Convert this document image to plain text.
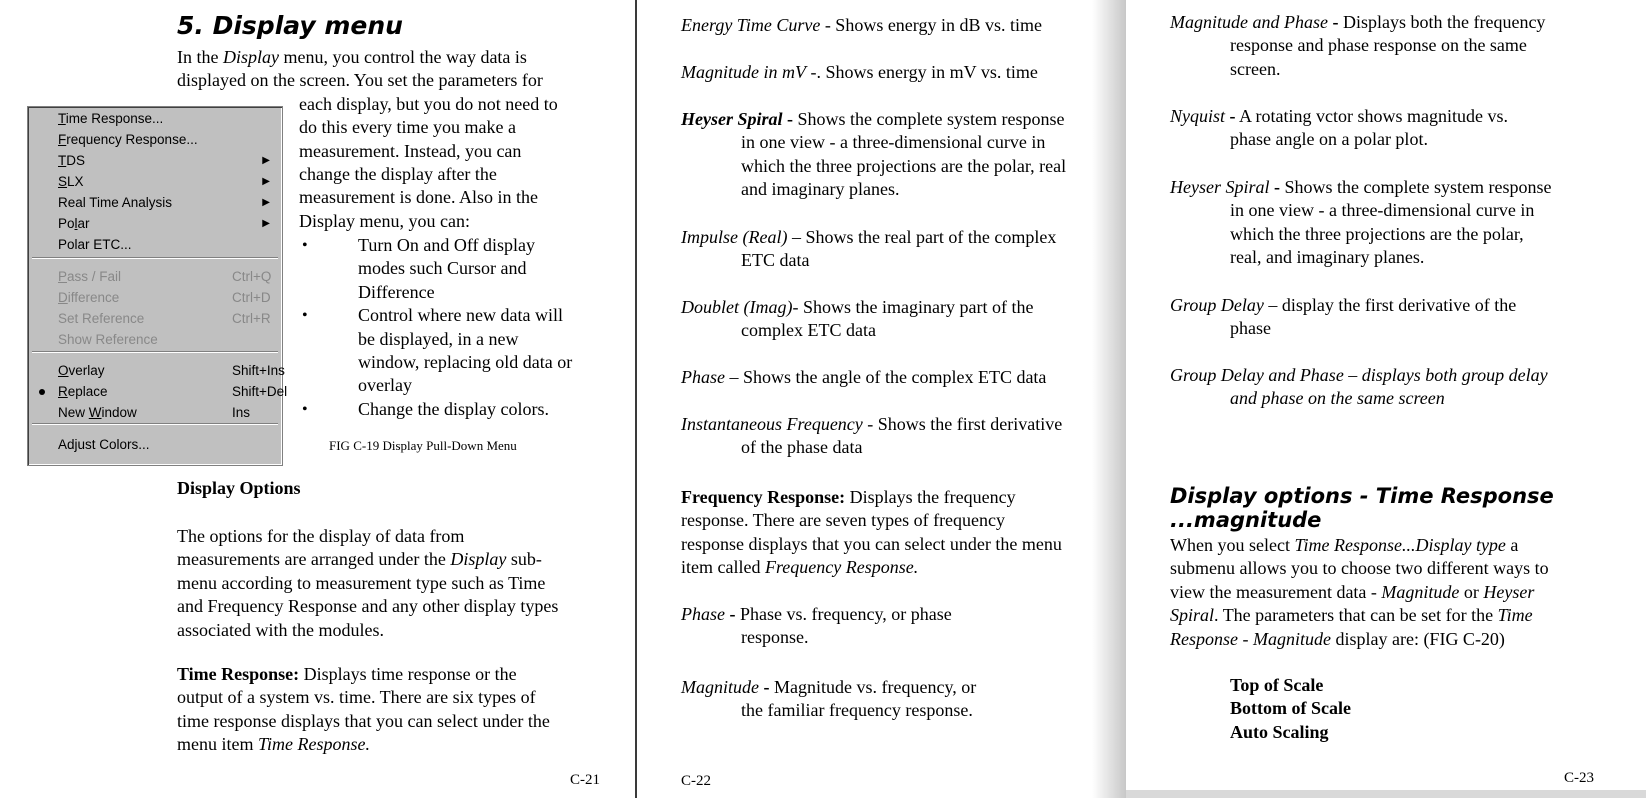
5. Display menu
In the Display menu, you control the way data is
displayed on the screen. You set the parameters for
each display, but you do not need to
do this every time you make a
measurement. Instead, you can
change the display after the
measurement is done. Also in the
Display menu, you can:
Time Response...
Frequency Response...
TDS	▶
SLX	▶
Real Time Analysis	▶
Polar	▶
Polar ETC...
Pass / Fail	Ctrl+Q
Difference	Ctrl+D
Set Reference	Ctrl+R
Show Reference
Overlay	Shift+Ins
Replace	Shift+Del
New Window	Ins
Adjust Colors...
•	Turn On and Off display
modes such Cursor and
Difference
•	Control where new data will
be displayed, in a new
window, replacing old data or
overlay
•	Change the display colors.
FIG C-19 Display Pull-Down Menu
Display Options
The options for the display of data from
measurements are arranged under the Display sub-
menu according to measurement type such as Time
and Frequency Response and any other display types
associated with the modules.
Time Response: Displays time response or the
output of a system vs. time. There are six types of
time response displays that you can select under the
menu item Time Response.
C-21
Energy Time Curve - Shows energy in dB vs. time
Magnitude in mV -. Shows energy in mV vs. time
Heyser Spiral - Shows the complete system response
in one view - a three-dimensional curve in
which the three projections are the polar, real
and imaginary planes.
Impulse (Real) – Shows the real part of the complex
ETC data
Doublet (Imag)- Shows the imaginary part of the
complex ETC data
Phase – Shows the angle of the complex ETC data
Instantaneous Frequency - Shows the first derivative
of the phase data
Frequency Response: Displays the frequency
response. There are seven types of frequency
response displays that you can select under the menu
item called Frequency Response.
Phase - Phase vs. frequency, or phase
response.
Magnitude - Magnitude vs. frequency, or
the familiar frequency response.
C-22
Magnitude and Phase - Displays both the frequency
response and phase response on the same
screen.
Nyquist - A rotating vctor shows magnitude vs.
phase angle on a polar plot.
Heyser Spiral - Shows the complete system response
in one view - a three-dimensional curve in
which the three projections are the polar,
real, and imaginary planes.
Group Delay – display the first derivative of the
phase
Group Delay and Phase – displays both group delay
and phase on the same screen
When you select Time Response...Display type a
submenu allows you to choose two different ways to
view the measurement data - Magnitude or Heyser
Spiral. The parameters that can be set for the Time
Response - Magnitude display are: (FIG C-20)
Top of Scale
Bottom of Scale
Auto Scaling
C-23
Display options - Time Response
...magnitude
